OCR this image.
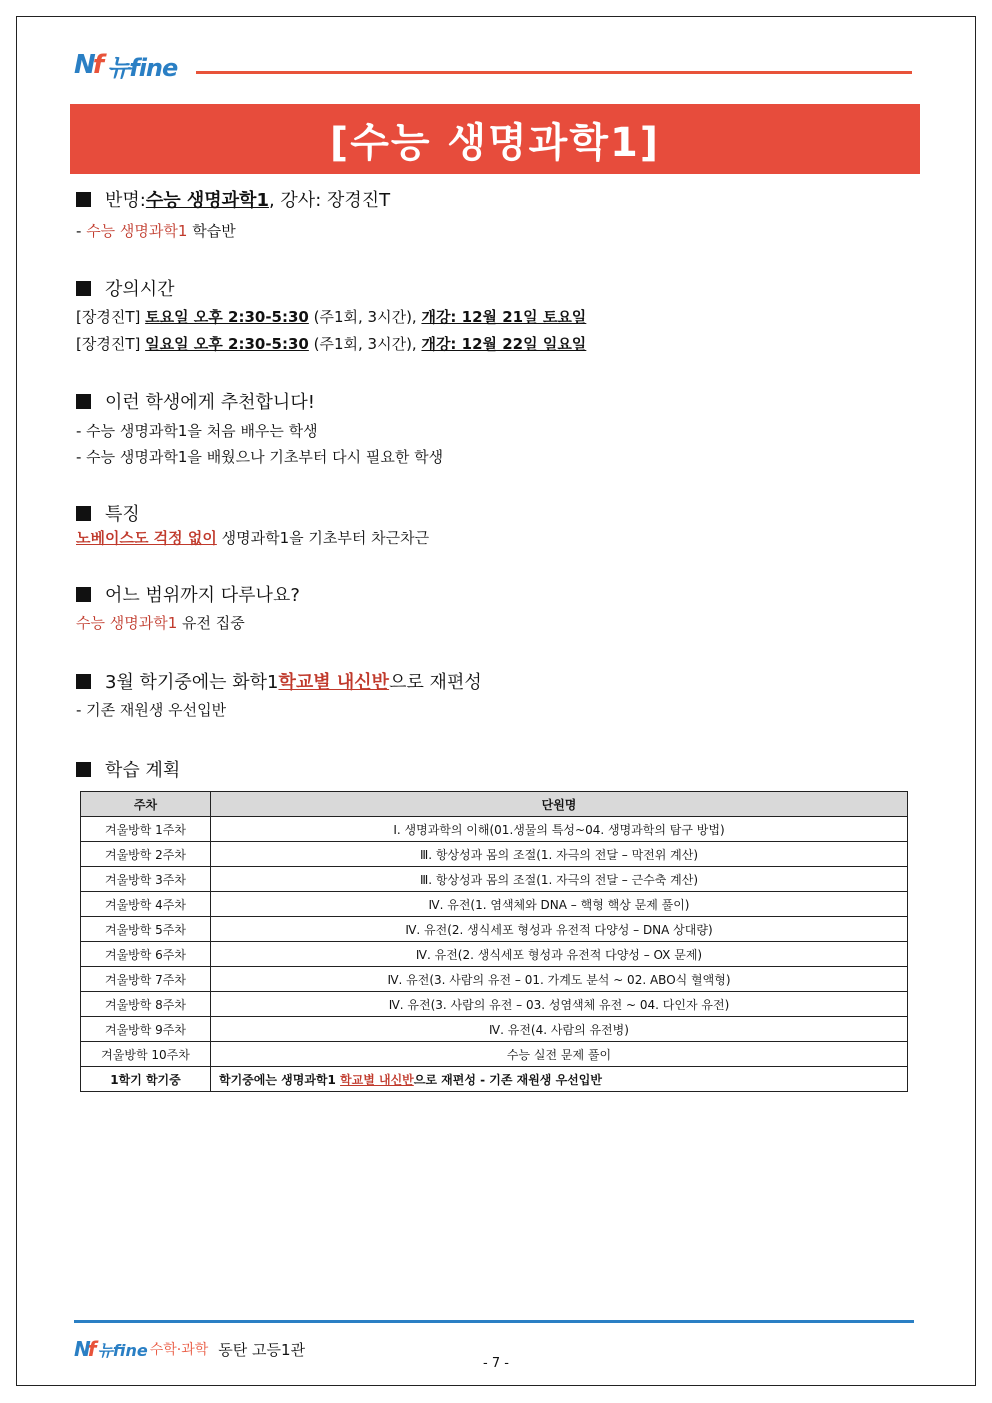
Nf 뉴fine
[수능 생명과학1]
반명: 수능 생명과학1 , 강사: 장경진T
- 수능 생명과학1 학습반
강의시간
[장경진T] 토요일 오후 2:30-5:30 (주1회, 3시간), 개강: 12월 21일 토요일
[장경진T] 일요일 오후 2:30-5:30 (주1회, 3시간), 개강: 12월 22일 일요일
이런 학생에게 추천합니다!
- 수능 생명과학1을 처음 배우는 학생
- 수능 생명과학1을 배웠으나 기초부터 다시 필요한 학생
특징
노베이스도 걱정 없이 생명과학1을 기초부터 차근차근
어느 범위까지 다루나요?
수능 생명과학1 유전 집중
3월 학기중에는 화학1 학교별 내신반 으로 재편성
- 기존 재원생 우선입반
학습 계획
주차	단원명
겨울방학 1주차	Ⅰ. 생명과학의 이해(01.생물의 특성~04. 생명과학의 탐구 방법)
겨울방학 2주차	Ⅲ. 항상성과 몸의 조절(1. 자극의 전달 – 막전위 계산)
겨울방학 3주차	Ⅲ. 항상성과 몸의 조절(1. 자극의 전달 – 근수축 계산)
겨울방학 4주차	Ⅳ. 유전(1. 염색체와 DNA – 핵형 핵상 문제 풀이)
겨울방학 5주차	Ⅳ. 유전(2. 생식세포 형성과 유전적 다양성 – DNA 상대량)
겨울방학 6주차	Ⅳ. 유전(2. 생식세포 형성과 유전적 다양성 – OX 문제)
겨울방학 7주차	Ⅳ. 유전(3. 사람의 유전 – 01. 가계도 분석 ~ 02. ABO식 혈액형)
겨울방학 8주차	Ⅳ. 유전(3. 사람의 유전 – 03. 성염색체 유전 ~ 04. 다인자 유전)
겨울방학 9주차	Ⅳ. 유전(4. 사람의 유전병)
겨울방학 10주차	수능 실전 문제 풀이
1학기 학기중	학기중에는 생명과학1 학교별 내신반으로 재편성 - 기존 재원생 우선입반
Nf 뉴fine 수학·과학 동탄 고등1관
- 7 -
